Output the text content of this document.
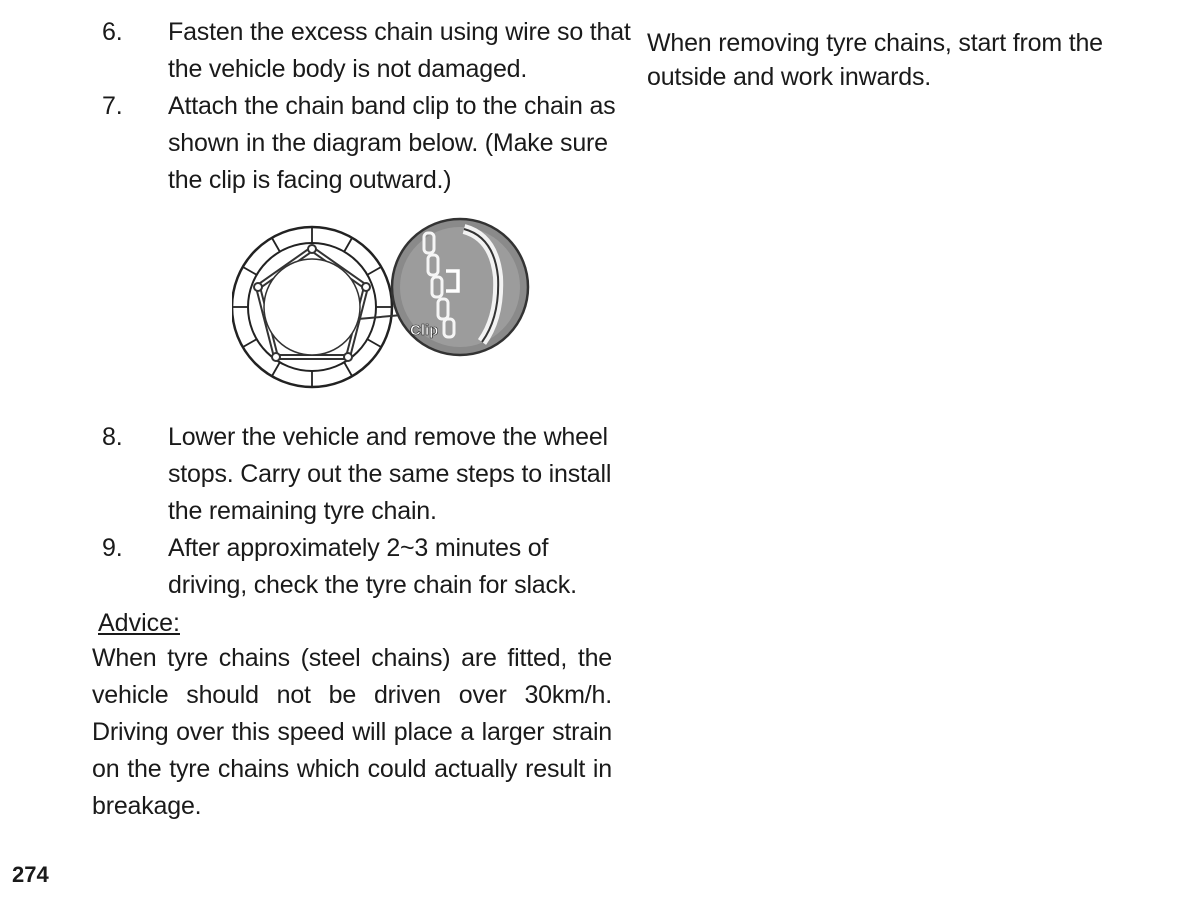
6.	Fasten the excess chain using wire so that the vehicle body is not damaged.
7.	Attach the chain band clip to the chain as shown in the diagram below. (Make sure the clip is facing outward.)
Clip
8.	Lower the vehicle and remove the wheel stops. Carry out the same steps to install the remaining tyre chain.
9.	After approximately 2~3 minutes of driving, check the tyre chain for slack.
Advice:
When tyre chains (steel chains) are fitted, the vehicle should not be driven over 30km/h. Driving over this speed will place a larger strain on the tyre chains which could actually result in breakage.
When removing tyre chains, start from the outside and work inwards.
274
